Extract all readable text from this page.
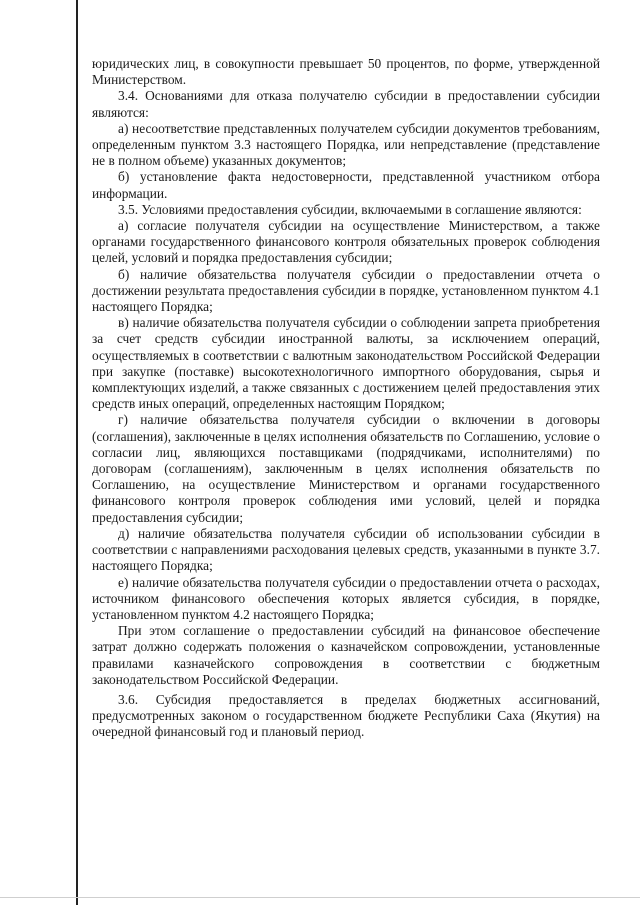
юридических лиц, в совокупности превышает 50 процентов, по форме, утвержденной Министерством.

3.4. Основаниями для отказа получателю субсидии в предоставлении субсидии являются:

а) несоответствие представленных получателем субсидии документов требованиям, определенным пунктом 3.3 настоящего Порядка, или непредставление (представление не в полном объеме) указанных документов;

б) установление факта недостоверности, представленной участником отбора информации.

3.5. Условиями предоставления субсидии, включаемыми в соглашение являются:

а) согласие получателя субсидии на осуществление Министерством, а также органами государственного финансового контроля обязательных проверок соблюдения целей, условий и порядка предоставления субсидии;

б) наличие обязательства получателя субсидии о предоставлении отчета о достижении результата предоставления субсидии в порядке, установленном пунктом 4.1 настоящего Порядка;

в) наличие обязательства получателя субсидии о соблюдении запрета приобретения за счет средств субсидии иностранной валюты, за исключением операций, осуществляемых в соответствии с валютным законодательством Российской Федерации при закупке (поставке) высокотехнологичного импортного оборудования, сырья и комплектующих изделий, а также связанных с достижением целей предоставления этих средств иных операций, определенных настоящим Порядком;

г) наличие обязательства получателя субсидии о включении в договоры (соглашения), заключенные в целях исполнения обязательств по Соглашению, условие о согласии лиц, являющихся поставщиками (подрядчиками, исполнителями) по договорам (соглашениям), заключенным в целях исполнения обязательств по Соглашению, на осуществление Министерством и органами государственного финансового контроля проверок соблюдения ими условий, целей и порядка предоставления субсидии;

д) наличие обязательства получателя субсидии об использовании субсидии в соответствии с направлениями расходования целевых средств, указанными в пункте 3.7. настоящего Порядка;

е) наличие обязательства получателя субсидии о предоставлении отчета о расходах, источником финансового обеспечения которых является субсидия, в порядке, установленном пунктом 4.2 настоящего Порядка;

При этом соглашение о предоставлении субсидий на финансовое обеспечение затрат должно содержать положения о казначейском сопровождении, установленные правилами казначейского сопровождения в соответствии с бюджетным законодательством Российской Федерации.

3.6. Субсидия предоставляется в пределах бюджетных ассигнований, предусмотренных законом о государственном бюджете Республики Саха (Якутия) на очередной финансовый год и плановый период.
